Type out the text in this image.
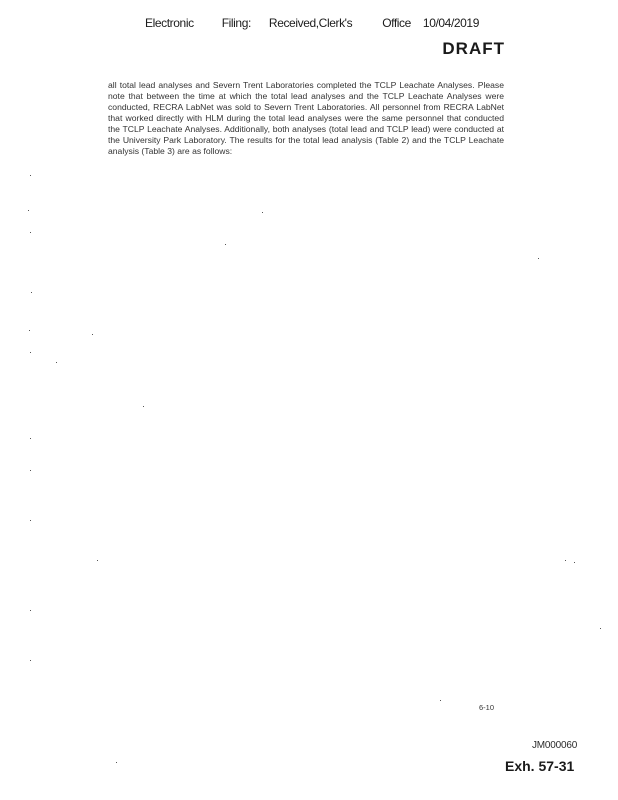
Electronic Filing: Received,Clerk's	Office 10/04/2019
DRAFT

all total lead analyses and Severn Trent Laboratories completed the TCLP Leachate Analyses. Please note that between the time at which the total lead analyses and the TCLP Leachate Analyses were conducted, RECRA LabNet was sold to Severn Trent Laboratories. All personnel from RECRA LabNet that worked directly with HLM during the total lead analyses were the same personnel that conducted the TCLP Leachate Analyses. Additionally, both analyses (total lead and TCLP lead) were conducted at the University Park Laboratory. The results for the total lead analysis (Table 2) and the TCLP Leachate analysis (Table 3) are as follows:

6-10
JM000060
Exh. 57-31
